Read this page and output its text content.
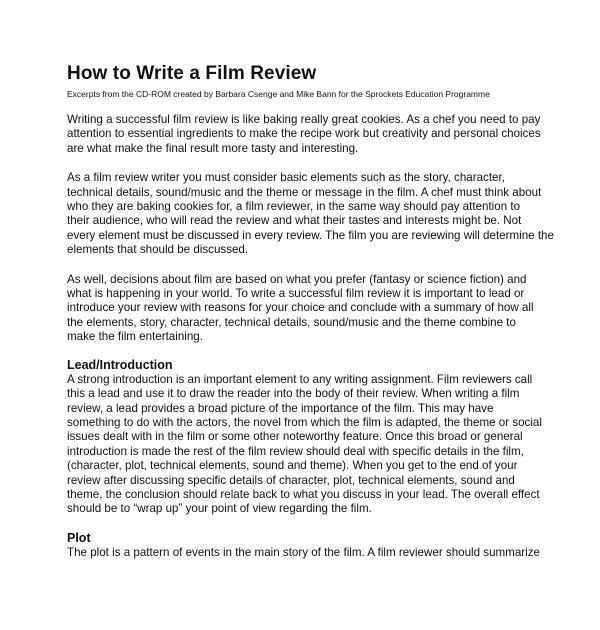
How to Write a Film Review

Excerpts from the CD-ROM created by Barbara Csenge and Mike Bann for the Sprockets Education Programme

Writing a successful film review is like baking really great cookies. As a chef you need to pay
attention to essential ingredients to make the recipe work but creativity and personal choices
are what make the final result more tasty and interesting.

As a film review writer you must consider basic elements such as the story, character,
technical details, sound/music and the theme or message in the film. A chef must think about
who they are baking cookies for, a film reviewer, in the same way should pay attention to
their audience, who will read the review and what their tastes and interests might be. Not
every element must be discussed in every review. The film you are reviewing will determine the
elements that should be discussed.

As well, decisions about film are based on what you prefer (fantasy or science fiction) and
what is happening in your world. To write a successful film review it is important to lead or
introduce your review with reasons for your choice and conclude with a summary of how all
the elements, story, character, technical details, sound/music and the theme combine to
make the film entertaining.

Lead/Introduction

A strong introduction is an important element to any writing assignment. Film reviewers call
this a lead and use it to draw the reader into the body of their review. When writing a film
review, a lead provides a broad picture of the importance of the film. This may have
something to do with the actors, the novel from which the film is adapted, the theme or social
issues dealt with in the film or some other noteworthy feature. Once this broad or general
introduction is made the rest of the film review should deal with specific details in the film,
(character, plot, technical elements, sound and theme). When you get to the end of your
review after discussing specific details of character, plot, technical elements, sound and
theme, the conclusion should relate back to what you discuss in your lead. The overall effect
should be to “wrap up” your point of view regarding the film.

Plot

The plot is a pattern of events in the main story of the film. A film reviewer should summarize
